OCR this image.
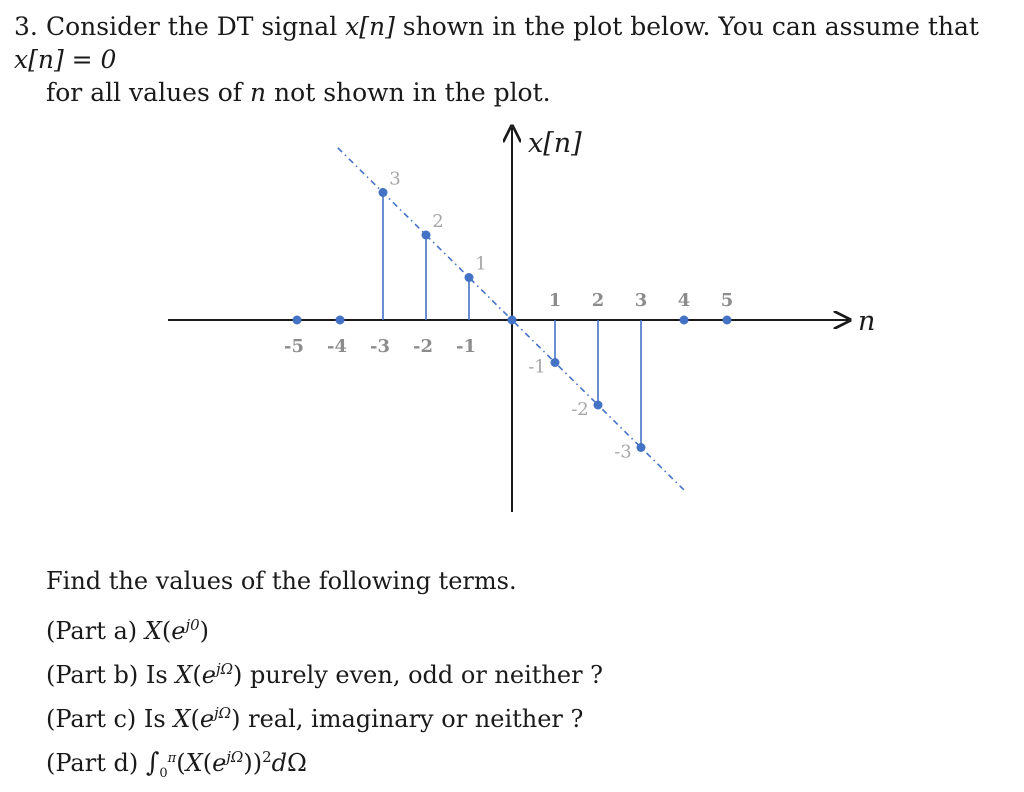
3. Consider the DT signal x[n] shown in the plot below. You can assume that x[n] = 0
for all values of n not shown in the plot.
x[n]
n
-5 -4 -3 -2 -1
1 2 3 4 5
3
2
1
-1
-2
-3
Find the values of the following terms.
(Part a) $X(e^{j0})$
(Part b) Is $X(e^{j\Omega})$ purely even, odd or neither ?
(Part c) Is $X(e^{j\Omega})$ real, imaginary or neither ?
(Part d) $\int_0^\pi(X(e^{j\Omega}))^2d\Omega$
